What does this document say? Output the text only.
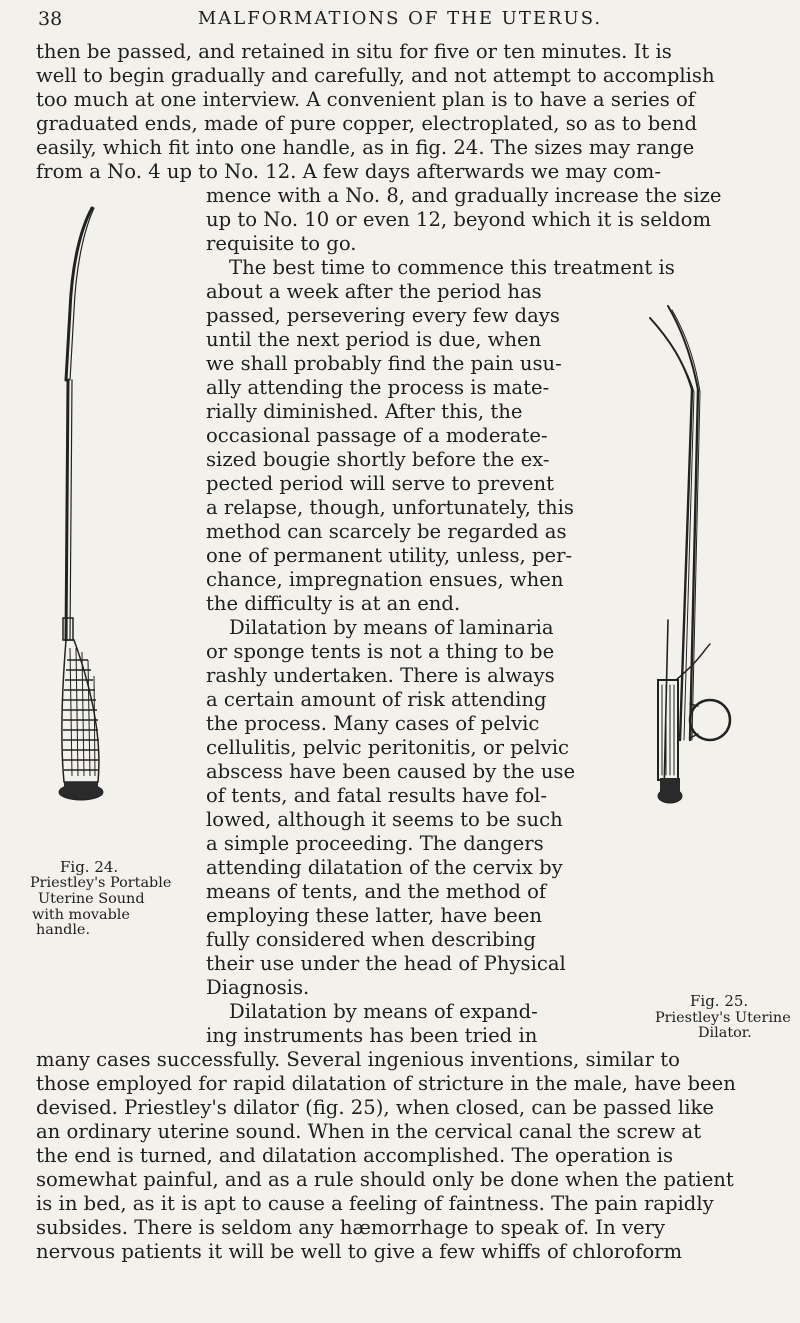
38	MALFORMATIONS OF THE UTERUS.
then be passed, and retained in situ for five or ten minutes. It is
well to begin gradually and carefully, and not attempt to accomplish
too much at one interview. A convenient plan is to have a series of
graduated ends, made of pure copper, electroplated, so as to bend
easily, which fit into one handle, as in fig. 24. The sizes may range
from a No. 4 up to No. 12. A few days afterwards we may com-
mence with a No. 8, and gradually increase the size
up to No. 10 or even 12, beyond which it is seldom
requisite to go.
The best time to commence this treatment is
about a week after the period has
passed, persevering every few days
until the next period is due, when
we shall probably find the pain usu-
ally attending the process is mate-
rially diminished. After this, the
occasional passage of a moderate-
sized bougie shortly before the ex-
pected period will serve to prevent
a relapse, though, unfortunately, this
method can scarcely be regarded as
one of permanent utility, unless, per-
chance, impregnation ensues, when
the difficulty is at an end.
Dilatation by means of laminaria
or sponge tents is not a thing to be
rashly undertaken. There is always
a certain amount of risk attending
the process. Many cases of pelvic
cellulitis, pelvic peritonitis, or pelvic
abscess have been caused by the use
of tents, and fatal results have fol-
lowed, although it seems to be such
a simple proceeding. The dangers
attending dilatation of the cervix by
means of tents, and the method of
employing these latter, have been
fully considered when describing
their use under the head of Physical
Diagnosis.
Dilatation by means of expand-
ing instruments has been tried in
many cases successfully. Several ingenious inventions, similar to
those employed for rapid dilatation of stricture in the male, have been
devised. Priestley's dilator (fig. 25), when closed, can be passed like
an ordinary uterine sound. When in the cervical canal the screw at
the end is turned, and dilatation accomplished. The operation is
somewhat painful, and as a rule should only be done when the patient
is in bed, as it is apt to cause a feeling of faintness. The pain rapidly
subsides. There is seldom any hæmorrhage to speak of. In very
nervous patients it will be well to give a few whiffs of chloroform
Fig. 24.
Priestley's Portable
Uterine Sound
with movable
handle.
Fig. 25.
Priestley's Uterine
Dilator.
